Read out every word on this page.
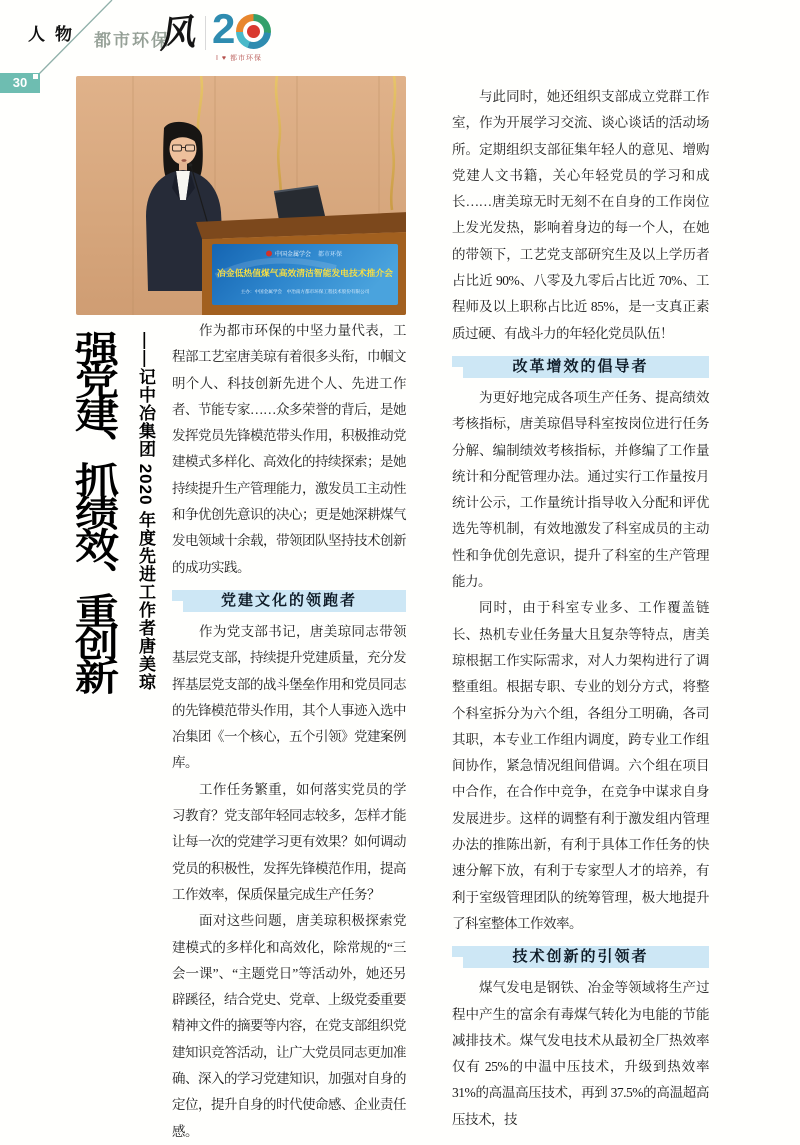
人物
30
都市环保
风 2
I ♥ 都市环保
中国金属学会 都市环保
冶金低热值煤气高效清洁智能发电技术推介会
主办：中国金属学会　中冶南方都市环保工程技术股份有限公司
强党建、抓绩效、重创新	——记中冶集团 2020 年度先进工作者唐美琼
作为都市环保的中坚力量代表，工程部工艺室唐美琼有着很多头衔，巾帼文明个人、科技创新先进个人、先进工作者、节能专家……众多荣誉的背后，是她发挥党员先锋模范带头作用，积极推动党建模式多样化、高效化的持续探索；是她持续提升生产管理能力，激发员工主动性和争优创先意识的决心；更是她深耕煤气发电领域十余载，带领团队坚持技术创新的成功实践。
党建文化的领跑者
作为党支部书记，唐美琼同志带领基层党支部，持续提升党建质量，充分发挥基层党支部的战斗堡垒作用和党员同志的先锋模范带头作用，其个人事迹入选中冶集团《一个核心，五个引领》党建案例库。
工作任务繁重，如何落实党员的学习教育？党支部年轻同志较多，怎样才能让每一次的党建学习更有效果？如何调动党员的积极性，发挥先锋模范作用，提高工作效率，保质保量完成生产任务？
面对这些问题，唐美琼积极探索党建模式的多样化和高效化，除常规的“三会一课”、“主题党日”等活动外，她还另辟蹊径，结合党史、党章、上级党委重要精神文件的摘要等内容，在党支部组织党建知识竞答活动，让广大党员同志更加准确、深入的学习党建知识，加强对自身的定位，提升自身的时代使命感、企业责任感。
与此同时，她还组织支部成立党群工作室，作为开展学习交流、谈心谈话的活动场所。定期组织支部征集年轻人的意见、增购党建人文书籍，关心年轻党员的学习和成长……唐美琼无时无刻不在自身的工作岗位上发光发热，影响着身边的每一个人，在她的带领下，工艺党支部研究生及以上学历者占比近 90%、八零及九零后占比近 70%、工程师及以上职称占比近 85%，是一支真正素质过硬、有战斗力的年轻化党员队伍！
改革增效的倡导者
为更好地完成各项生产任务、提高绩效考核指标，唐美琼倡导科室按岗位进行任务分解、编制绩效考核指标，并修编了工作量统计和分配管理办法。通过实行工作量按月统计公示，工作量统计指导收入分配和评优选先等机制，有效地激发了科室成员的主动性和争优创先意识，提升了科室的生产管理能力。
同时，由于科室专业多、工作覆盖链长、热机专业任务量大且复杂等特点，唐美琼根据工作实际需求，对人力架构进行了调整重组。根据专职、专业的划分方式，将整个科室拆分为六个组，各组分工明确，各司其职，本专业工作组内调度，跨专业工作组间协作，紧急情况组间借调。六个组在项目中合作，在合作中竞争，在竞争中谋求自身发展进步。这样的调整有利于激发组内管理办法的推陈出新，有利于具体工作任务的快速分解下放，有利于专家型人才的培养，有利于室级管理团队的统筹管理，极大地提升了科室整体工作效率。
技术创新的引领者
煤气发电是钢铁、冶金等领域将生产过程中产生的富余有毒煤气转化为电能的节能减排技术。煤气发电技术从最初全厂热效率仅有 25%的中温中压技术，升级到热效率 31%的高温高压技术，再到 37.5%的高温超高压技术，技
